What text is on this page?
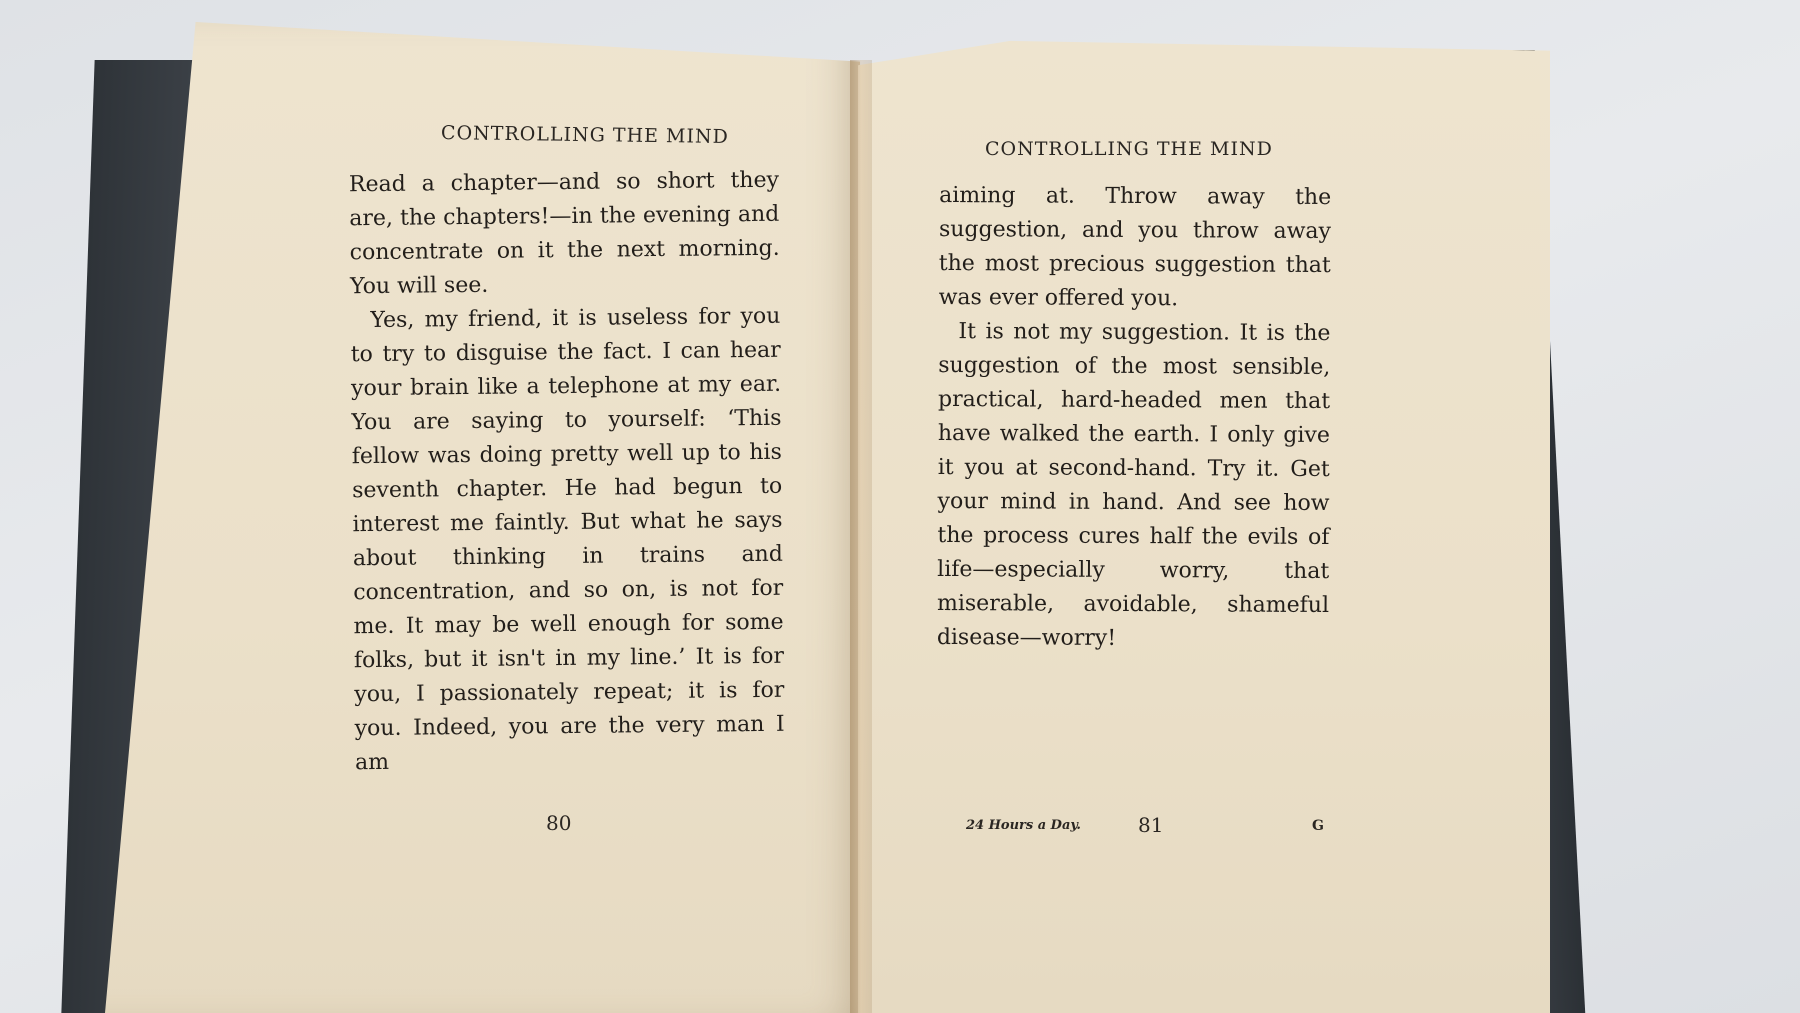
CONTROLLING THE MIND

Read a chapter—and so short they are, the chapters!—in the evening and concentrate on it the next morning. You will see.

Yes, my friend, it is useless for you to try to disguise the fact. I can hear your brain like a telephone at my ear. You are saying to yourself: ‘This fellow was doing pretty well up to his seventh chapter. He had begun to interest me faintly. But what he says about thinking in trains and concentration, and so on, is not for me. It may be well enough for some folks, but it isn't in my line.’ It is for you, I passionately repeat; it is for you. Indeed, you are the very man I am

80
CONTROLLING THE MIND

aiming at. Throw away the suggestion, and you throw away the most precious suggestion that was ever offered you.

It is not my suggestion. It is the suggestion of the most sensible, practical, hard-headed men that have walked the earth. I only give it you at second-hand. Try it. Get your mind in hand. And see how the process cures half the evils of life—especially worry, that miserable, avoidable, shameful disease—worry!

24 Hours a Day.	81	G
